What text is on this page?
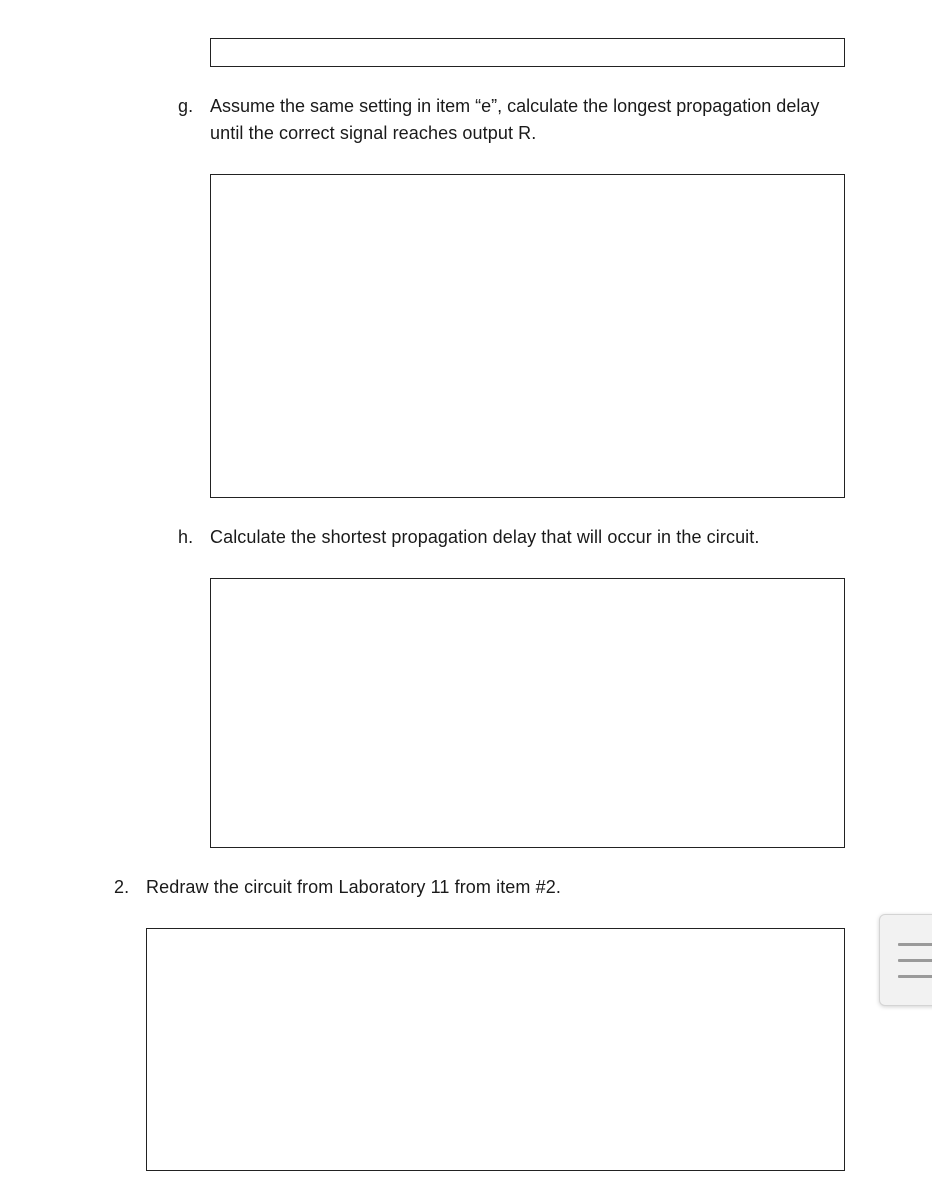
g. Assume the same setting in item “e”, calculate the longest propagation delay
until the correct signal reaches output R.
h. Calculate the shortest propagation delay that will occur in the circuit.
2. Redraw the circuit from Laboratory 11 from item #2.
